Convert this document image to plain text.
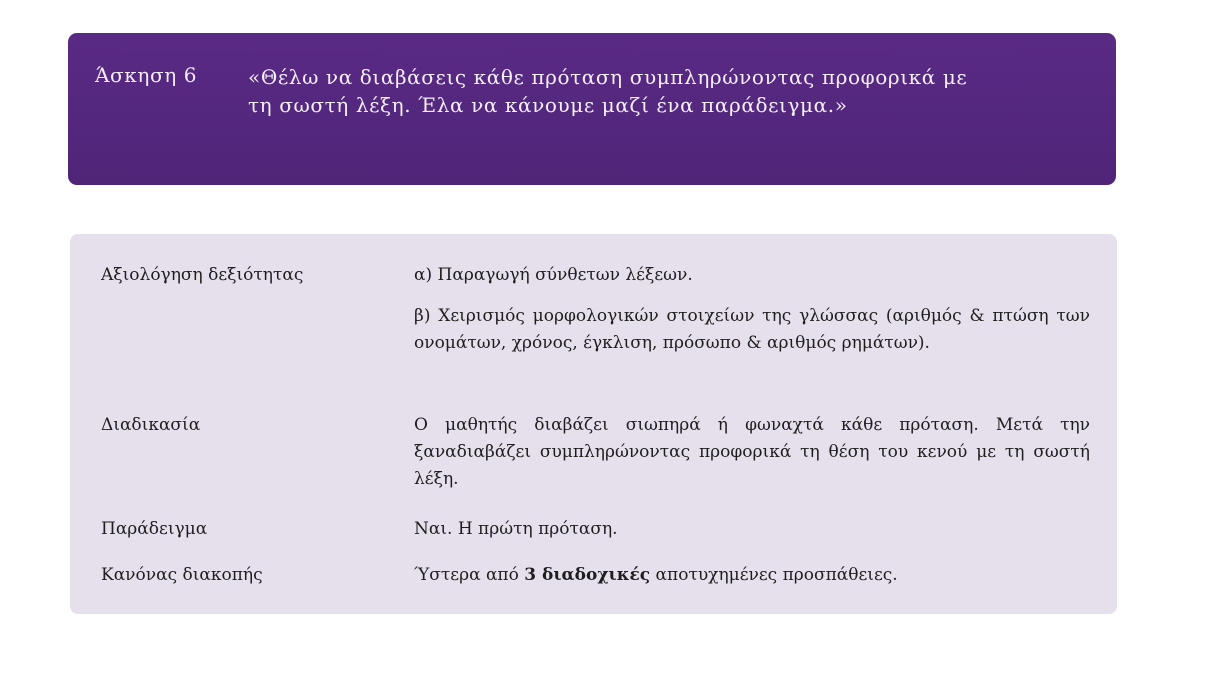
Άσκηση 6	«Θέλω να διαβάσεις κάθε πρόταση συμπληρώνοντας προφορικά με
τη σωστή λέξη. Έλα να κάνουμε μαζί ένα παράδειγμα.»
Αξιολόγηση δεξιότητας	α) Παραγωγή σύνθετων λέξεων.

β) Χειρισμός μορφολογικών στοιχείων της γλώσσας (αριθμός & πτώση των ονομάτων, χρόνος, έγκλιση, πρόσωπο & αριθμός ρημάτων).

Διαδικασία	Ο μαθητής διαβάζει σιωπηρά ή φωναχτά κάθε πρόταση. Μετά την ξαναδιαβάζει συμπληρώνοντας προφορικά τη θέση του κενού με τη σωστή λέξη.

Παράδειγμα	Ναι. Η πρώτη πρόταση.

Κανόνας διακοπής	Ύστερα από 3 διαδοχικές αποτυχημένες προσπάθειες.
